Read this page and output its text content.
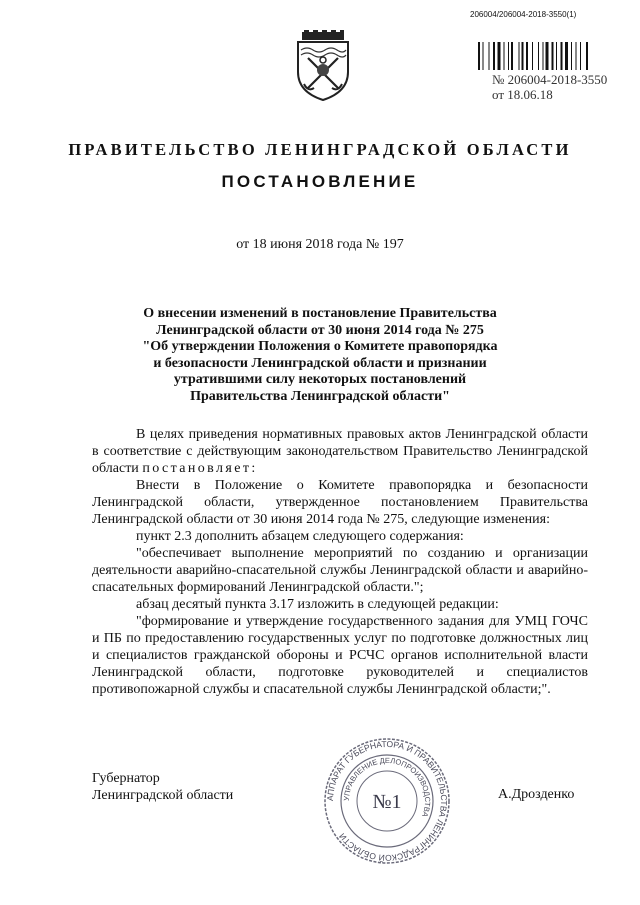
206004/206004-2018-3550(1)
№ 206004-2018-3550
от 18.06.18
ПРАВИТЕЛЬСТВО ЛЕНИНГРАДСКОЙ ОБЛАСТИ
ПОСТАНОВЛЕНИЕ
от 18 июня 2018 года № 197
О внесении изменений в постановление Правительства
Ленинградской области от 30 июня 2014 года № 275
"Об утверждении Положения о Комитете правопорядка
и безопасности Ленинградской области и признании
утратившими силу некоторых постановлений
Правительства Ленинградской области"

В целях приведения нормативных правовых актов Ленинградской области в соответствие с действующим законодательством Правительство Ленинградской области постановляет:

Внести в Положение о Комитете правопорядка и безопасности Ленинградской области, утвержденное постановлением Правительства Ленинградской области от 30 июня 2014 года № 275, следующие изменения:

пункт 2.3 дополнить абзацем следующего содержания:

"обеспечивает выполнение мероприятий по созданию и организации деятельности аварийно-спасательной службы Ленинградской области и аварийно-спасательных формирований Ленинградской области.";

абзац десятый пункта 3.17 изложить в следующей редакции:

"формирование и утверждение государственного задания для УМЦ ГОЧС и ПБ по предоставлению государственных услуг по подготовке должностных лиц и специалистов гражданской обороны и РСЧС органов исполнительной власти Ленинградской области, подготовке руководителей и специалистов противопожарной службы и спасательной службы Ленинградской области;".

Губернатор
Ленинградской области	А.Дрозденко
АППАРАТ ГУБЕРНАТОРА И ПРАВИТЕЛЬСТВА ЛЕНИНГРАДСКОЙ ОБЛАСТИ
УПРАВЛЕНИЕ ДЕЛОПРОИЗВОДСТВА
№1
